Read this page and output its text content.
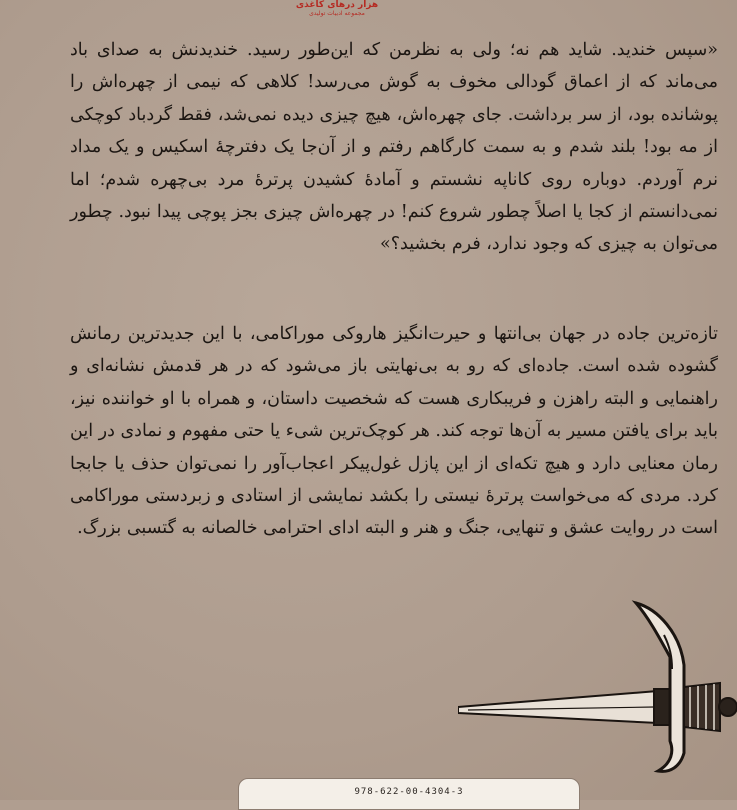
هزار درهای کاغذی
مجموعه ادبیات تولیدی

«سپس خندید. شاید هم نه؛ ولی به نظرمن که این‌طور رسید. خندیدنش به صدای باد می‌ماند که از اعماق گودالی مخوف به گوش می‌رسد! کلاهی که نیمی از چهره‌اش را پوشانده بود، از سر برداشت. جای چهره‌اش، هیچ چیزی دیده نمی‌شد، فقط گردباد کوچکی از مه بود! بلند شدم و به سمت کارگاهم رفتم و از آن‌جا یک دفترچهٔ اسکیس و یک مداد نرم آوردم. دوباره روی کاناپه نشستم و آمادهٔ کشیدن پرترهٔ مرد بی‌چهره شدم؛ اما نمی‌دانستم از کجا یا اصلاً چطور شروع کنم! در چهره‌اش چیزی بجز پوچی پیدا نبود. چطور می‌توان به چیزی که وجود ندارد، فرم بخشید؟»

تازه‌ترین جاده در جهان بی‌انتها و حیرت‌انگیز هاروکی موراکامی، با این جدیدترین رمانش گشوده شده است. جاده‌ای که رو به بی‌نهایتی باز می‌شود که در هر قدمش نشانه‌ای و راهنمایی و البته راهزن و فریبکاری هست که شخصیت داستان، و همراه با او خواننده نیز، باید برای یافتن مسیر به آن‌ها توجه کند. هر کوچک‌ترین شیء یا حتی مفهوم و نمادی در این رمان معنایی دارد و هیچ تکه‌ای از این پازل غول‌پیکر اعجاب‌آور را نمی‌توان حذف یا جابجا کرد. مردی که می‌خواست پرترهٔ نیستی را بکشد نمایشی از استادی و زبردستی موراکامی است در روایت عشق و تنهایی، جنگ و هنر و البته ادای احترامی خالصانه به گتسبی بزرگ.

978-622-00-4304-3
